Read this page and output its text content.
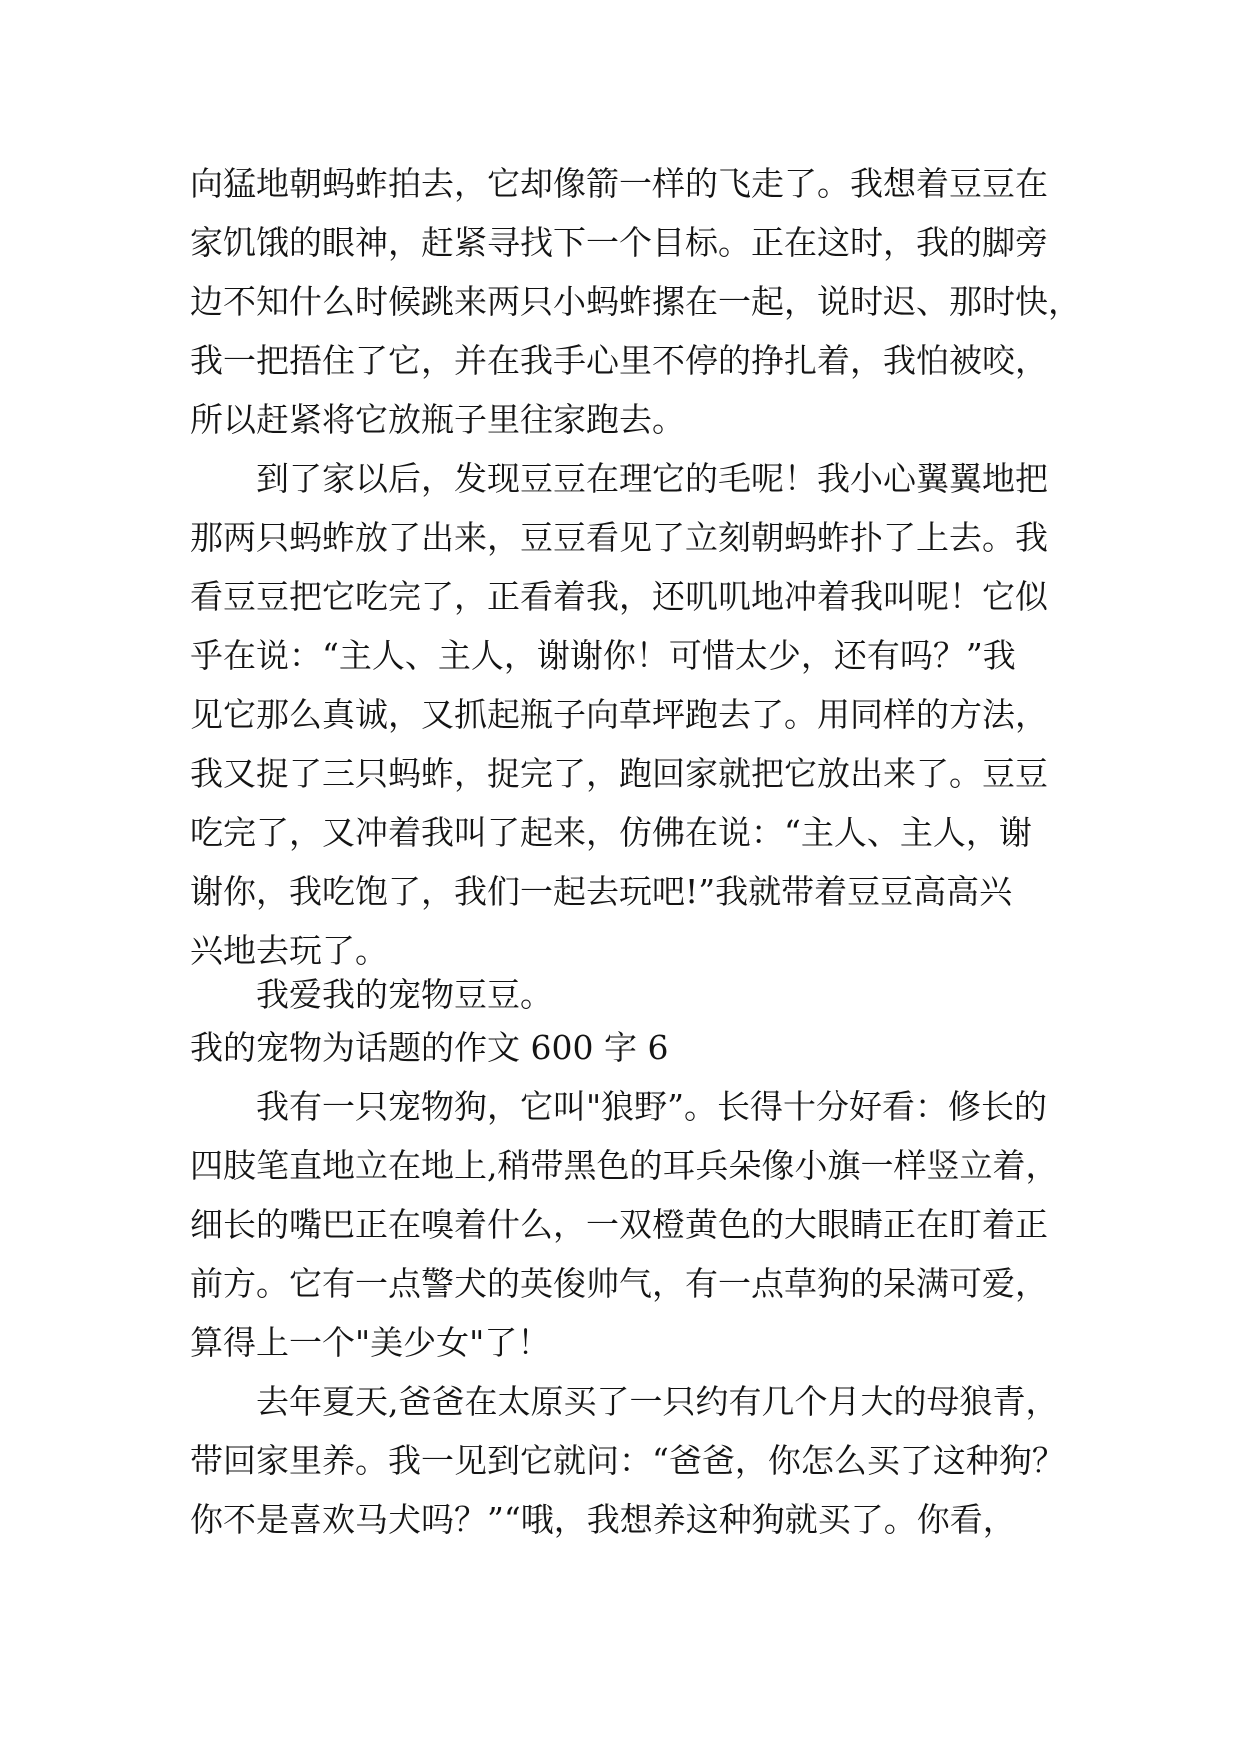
向猛地朝蚂蚱拍去，它却像箭一样的飞走了。我想着豆豆在
家饥饿的眼神，赶紧寻找下一个目标。正在这时，我的脚旁
边不知什么时候跳来两只小蚂蚱摞在一起，说时迟、那时快，
我一把捂住了它，并在我手心里不停的挣扎着，我怕被咬，
所以赶紧将它放瓶子里往家跑去。
到了家以后，发现豆豆在理它的毛呢！我小心翼翼地把
那两只蚂蚱放了出来，豆豆看见了立刻朝蚂蚱扑了上去。我
看豆豆把它吃完了，正看着我，还叽叽地冲着我叫呢！它似
乎在说：“主人、主人，谢谢你！可惜太少，还有吗？”我
见它那么真诚，又抓起瓶子向草坪跑去了。用同样的方法，
我又捉了三只蚂蚱，捉完了，跑回家就把它放出来了。豆豆
吃完了，又冲着我叫了起来，仿佛在说：“主人、主人，谢
谢你，我吃饱了，我们一起去玩吧!”我就带着豆豆高高兴
兴地去玩了。
我爱我的宠物豆豆。
我的宠物为话题的作文 600 字 6
我有一只宠物狗，它叫"狼野”。长得十分好看：修长的
四肢笔直地立在地上,稍带黑色的耳兵朵像小旗一样竖立着，
细长的嘴巴正在嗅着什么，一双橙黄色的大眼睛正在盯着正
前方。它有一点警犬的英俊帅气，有一点草狗的呆满可爱，
算得上一个"美少女"了！
去年夏天,爸爸在太原买了一只约有几个月大的母狼青，
带回家里养。我一见到它就问：“爸爸，你怎么买了这种狗？
你不是喜欢马犬吗？”“哦，我想养这种狗就买了。你看，
